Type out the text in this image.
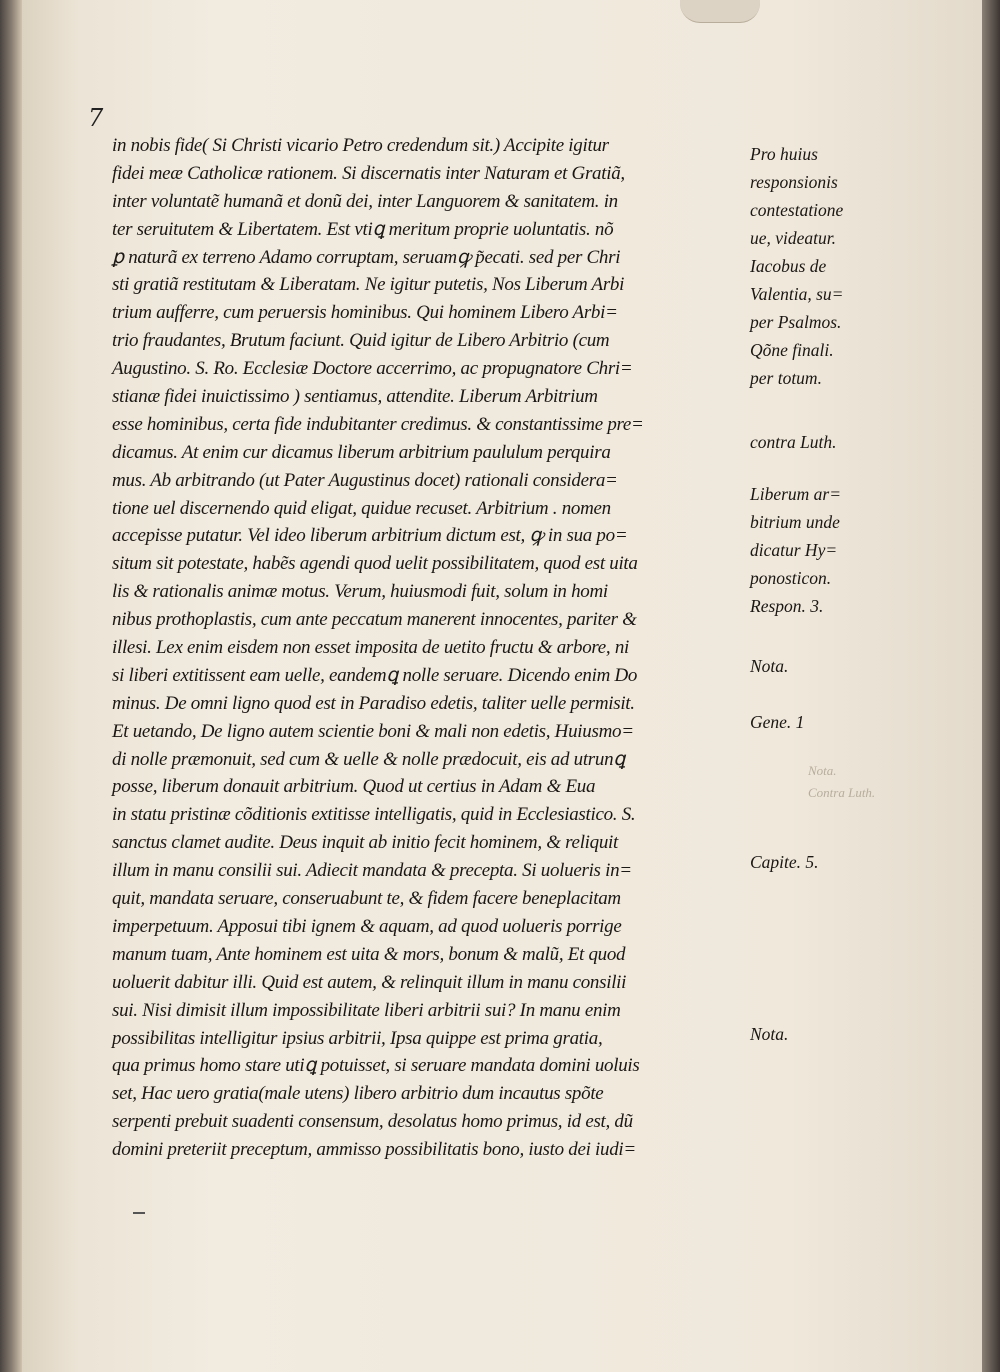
7
in nobis fide( Si Christi vicario Petro credendum sit.) Accipite igitur
fidei meæ Catholicæ rationem. Si discernatis inter Naturam et Gratiã,
inter voluntatẽ humanã et donũ dei, inter Languorem & sanitatem. in
ter seruitutem & Libertatem. Est vtiꝗ meritum proprie uoluntatis. nõ
ꝑ naturã ex terreno Adamo corruptam, seruamꝙ p̃ecati. sed per Chri
sti gratiã restitutam & Liberatam. Ne igitur putetis, Nos Liberum Arbi
trium aufferre, cum peruersis hominibus. Qui hominem Libero Arbi=
trio fraudantes, Brutum faciunt. Quid igitur de Libero Arbitrio (cum
Augustino. S. Ro. Ecclesiæ Doctore accerrimo, ac propugnatore Chri=
stianæ fidei inuictissimo ) sentiamus, attendite. Liberum Arbitrium
esse hominibus, certa fide indubitanter credimus. & constantissime pre=
dicamus. At enim cur dicamus liberum arbitrium paululum perquira
mus. Ab arbitrando (ut Pater Augustinus docet) rationali considera=
tione uel discernendo quid eligat, quidue recuset. Arbitrium . nomen
accepisse putatur. Vel ideo liberum arbitrium dictum est, ꝙ in sua po=
situm sit potestate, habẽs agendi quod uelit possibilitatem, quod est uita
lis & rationalis animæ motus. Verum, huiusmodi fuit, solum in homi
nibus prothoplastis, cum ante peccatum manerent innocentes, pariter &
illesi. Lex enim eisdem non esset imposita de uetito fructu & arbore, ni
si liberi extitissent eam uelle, eandemꝗ nolle seruare. Dicendo enim Do
minus. De omni ligno quod est in Paradiso edetis, taliter uelle permisit.
Et uetando, De ligno autem scientie boni & mali non edetis, Huiusmo=
di nolle præmonuit, sed cum & uelle & nolle prædocuit, eis ad utrunꝗ
posse, liberum donauit arbitrium. Quod ut certius in Adam & Eua
in statu pristinæ cõditionis extitisse intelligatis, quid in Ecclesiastico. S.
sanctus clamet audite. Deus inquit ab initio fecit hominem, & reliquit
illum in manu consilii sui. Adiecit mandata & precepta. Si uolueris in=
quit, mandata seruare, conseruabunt te, & fidem facere beneplacitam
imperpetuum. Apposui tibi ignem & aquam, ad quod uolueris porrige
manum tuam, Ante hominem est uita & mors, bonum & malũ, Et quod
uoluerit dabitur illi. Quid est autem, & relinquit illum in manu consilii
sui. Nisi dimisit illum impossibilitate liberi arbitrii sui? In manu enim
possibilitas intelligitur ipsius arbitrii, Ipsa quippe est prima gratia,
qua primus homo stare utiꝗ potuisset, si seruare mandata domini uoluis
set, Hac uero gratia(male utens) libero arbitrio dum incautus spõte
serpenti prebuit suadenti consensum, desolatus homo primus, id est, dũ
domini preteriit preceptum, ammisso possibilitatis bono, iusto dei iudi=
Pro huius
responsionis
contestatione
ue, videatur.
Iacobus de
Valentia, su=
per Psalmos.
Qõne finali.
per totum.
contra Luth.
Liberum ar=
bitrium unde
dicatur Hy=
ponosticon.
Respon. 3.
Nota.
Gene. 1
Capite. 5.
Nota.
Nota.
Contra Luth.
